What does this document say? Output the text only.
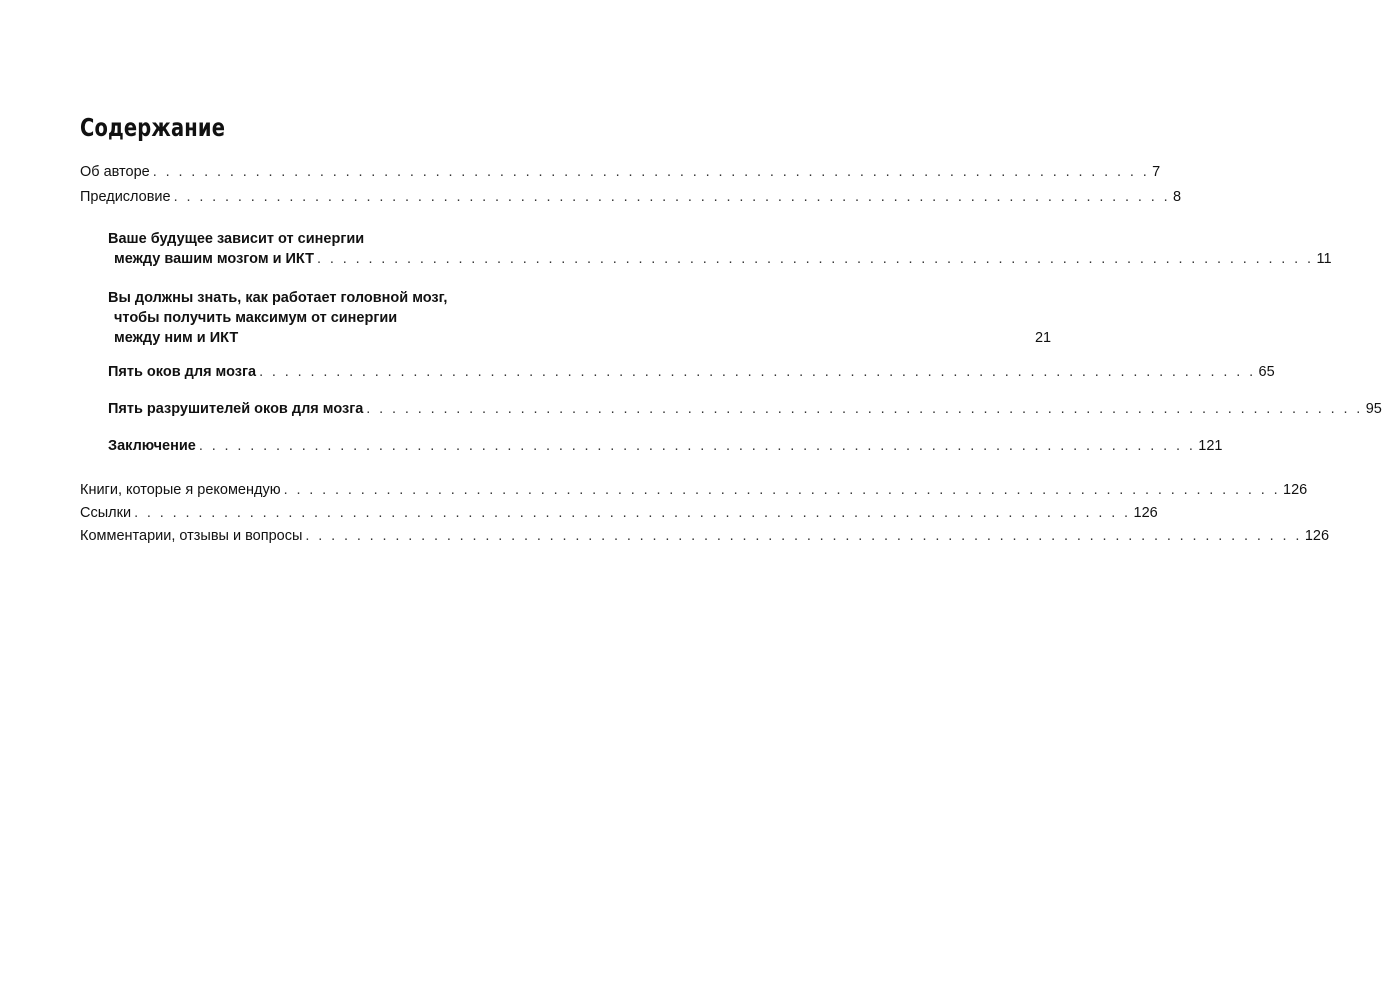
Содержание
Об авторе . . . . . . . . . . . . . . . . . . . . . . . . . . . . . . . . . . . . . . . . . . . . . . . . . . . . . . . . . . . . . . . . . . . . . . . . . . . . . . 7
Предисловие . . . . . . . . . . . . . . . . . . . . . . . . . . . . . . . . . . . . . . . . . . . . . . . . . . . . . . . . . . . . . . . . . . . . . . . . . . . . . . 8
Ваше будущее зависит от синергии
между вашим мозгом и ИКТ . . . . . . . . . . . . . . . . . . . . . . . . . . . . . . . . . . . . . . . . . . . . . . . . . . . . . . . . . . . . . . . . . . . . . . . . . . . . . . 11
Вы должны знать, как работает головной мозг,
чтобы получить максимум от синергии
между ним и ИКТ	21
Пять оков для мозга . . . . . . . . . . . . . . . . . . . . . . . . . . . . . . . . . . . . . . . . . . . . . . . . . . . . . . . . . . . . . . . . . . . . . . . . . . . . . . 65
Пять разрушителей оков для мозга . . . . . . . . . . . . . . . . . . . . . . . . . . . . . . . . . . . . . . . . . . . . . . . . . . . . . . . . . . . . . . . . . . . . . . . . . . . . . . 95
Заключение . . . . . . . . . . . . . . . . . . . . . . . . . . . . . . . . . . . . . . . . . . . . . . . . . . . . . . . . . . . . . . . . . . . . . . . . . . . . . . 121
Книги, которые я рекомендую . . . . . . . . . . . . . . . . . . . . . . . . . . . . . . . . . . . . . . . . . . . . . . . . . . . . . . . . . . . . . . . . . . . . . . . . . . . . . . 126
Ссылки . . . . . . . . . . . . . . . . . . . . . . . . . . . . . . . . . . . . . . . . . . . . . . . . . . . . . . . . . . . . . . . . . . . . . . . . . . . . . . 126
Комментарии, отзывы и вопросы . . . . . . . . . . . . . . . . . . . . . . . . . . . . . . . . . . . . . . . . . . . . . . . . . . . . . . . . . . . . . . . . . . . . . . . . . . . . . . 126
